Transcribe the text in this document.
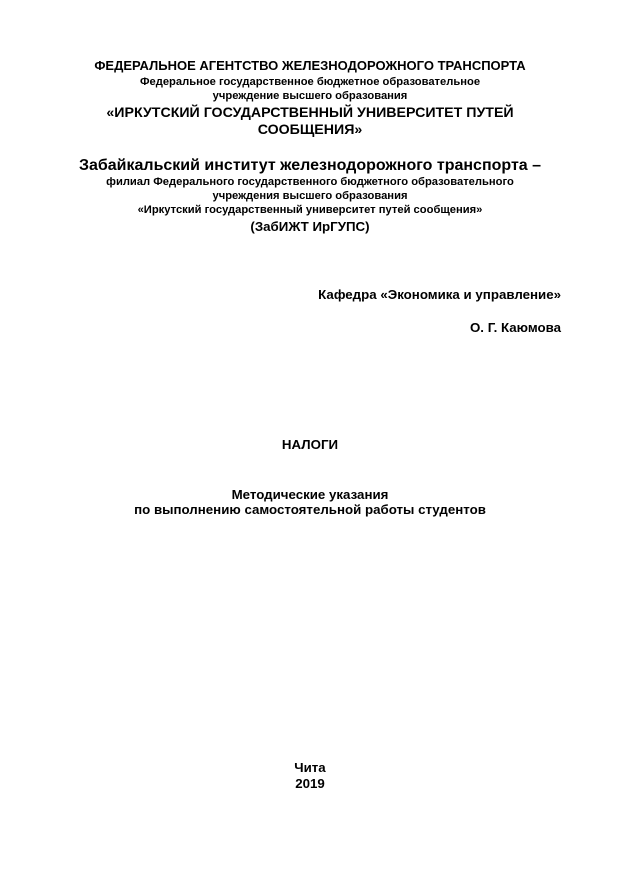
ФЕДЕРАЛЬНОЕ АГЕНТСТВО ЖЕЛЕЗНОДОРОЖНОГО ТРАНСПОРТА
Федеральное государственное бюджетное образовательное
учреждение высшего образования
«ИРКУТСКИЙ ГОСУДАРСТВЕННЫЙ УНИВЕРСИТЕТ ПУТЕЙ
СООБЩЕНИЯ»
Забайкальский институт железнодорожного транспорта –
филиал Федерального государственного бюджетного образовательного
учреждения высшего образования
«Иркутский государственный университет путей сообщения»
(ЗабИЖТ ИрГУПС)
Кафедра «Экономика и управление»
О. Г. Каюмова
НАЛОГИ
Методические указания
по выполнению самостоятельной работы студентов
Чита
2019
